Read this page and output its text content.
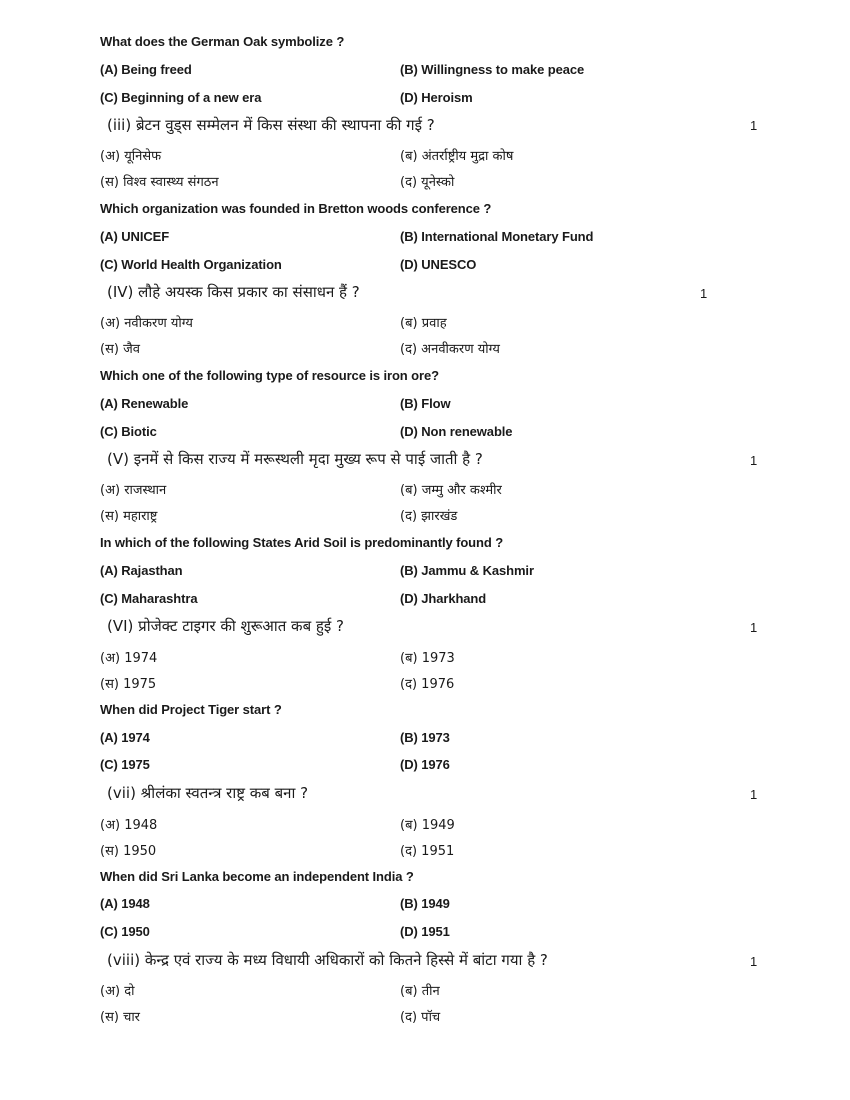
What does the German Oak symbolize ?
(A) Being freed	(B) Willingness to make peace
(C) Beginning of a new era	(D) Heroism
(iii) ब्रेटन वुड्स सम्मेलन में किस संस्था की स्थापना की गई ?	1
(अ) यूनिसेफ	(ब) अंतर्राष्ट्रीय मुद्रा कोष
(स) विश्व स्वास्थ्य संगठन	(द) यूनेस्को
Which organization was founded in Bretton woods conference ?
(A) UNICEF	(B) International Monetary Fund
(C) World Health Organization	(D) UNESCO
(IV) लौहे अयस्क किस प्रकार का संसाधन हैं ?	1
(अ) नवीकरण योग्य	(ब) प्रवाह
(स) जैव	(द) अनवीकरण योग्य
Which one of the following type of resource is iron ore?
(A) Renewable	(B) Flow
(C) Biotic	(D) Non renewable
(V) इनमें से किस राज्य में मरूस्थली मृदा मुख्य रूप से पाई जाती है ?	1
(अ) राजस्थान	(ब) जम्मु और कश्मीर
(स) महाराष्ट्र	(द) झारखंड
In which of the following States Arid Soil is predominantly found ?
(A) Rajasthan	(B) Jammu & Kashmir
(C) Maharashtra	(D) Jharkhand
(VI) प्रोजेक्ट टाइगर की शुरूआत कब हुई ?	1
(अ) 1974	(ब) 1973
(स) 1975	(द) 1976
When did Project Tiger start ?
(A) 1974	(B) 1973
(C) 1975	(D) 1976
(vii) श्रीलंका स्वतन्त्र राष्ट्र कब बना ?	1
(अ) 1948	(ब) 1949
(स) 1950	(द) 1951
When did Sri Lanka become an independent India ?
(A) 1948	(B) 1949
(C) 1950	(D) 1951
(viii) केन्द्र एवं राज्य के मध्य विधायी अधिकारों को कितने हिस्से में बांटा गया है ?	1
(अ) दो	(ब) तीन
(स) चार	(द) पॉच
